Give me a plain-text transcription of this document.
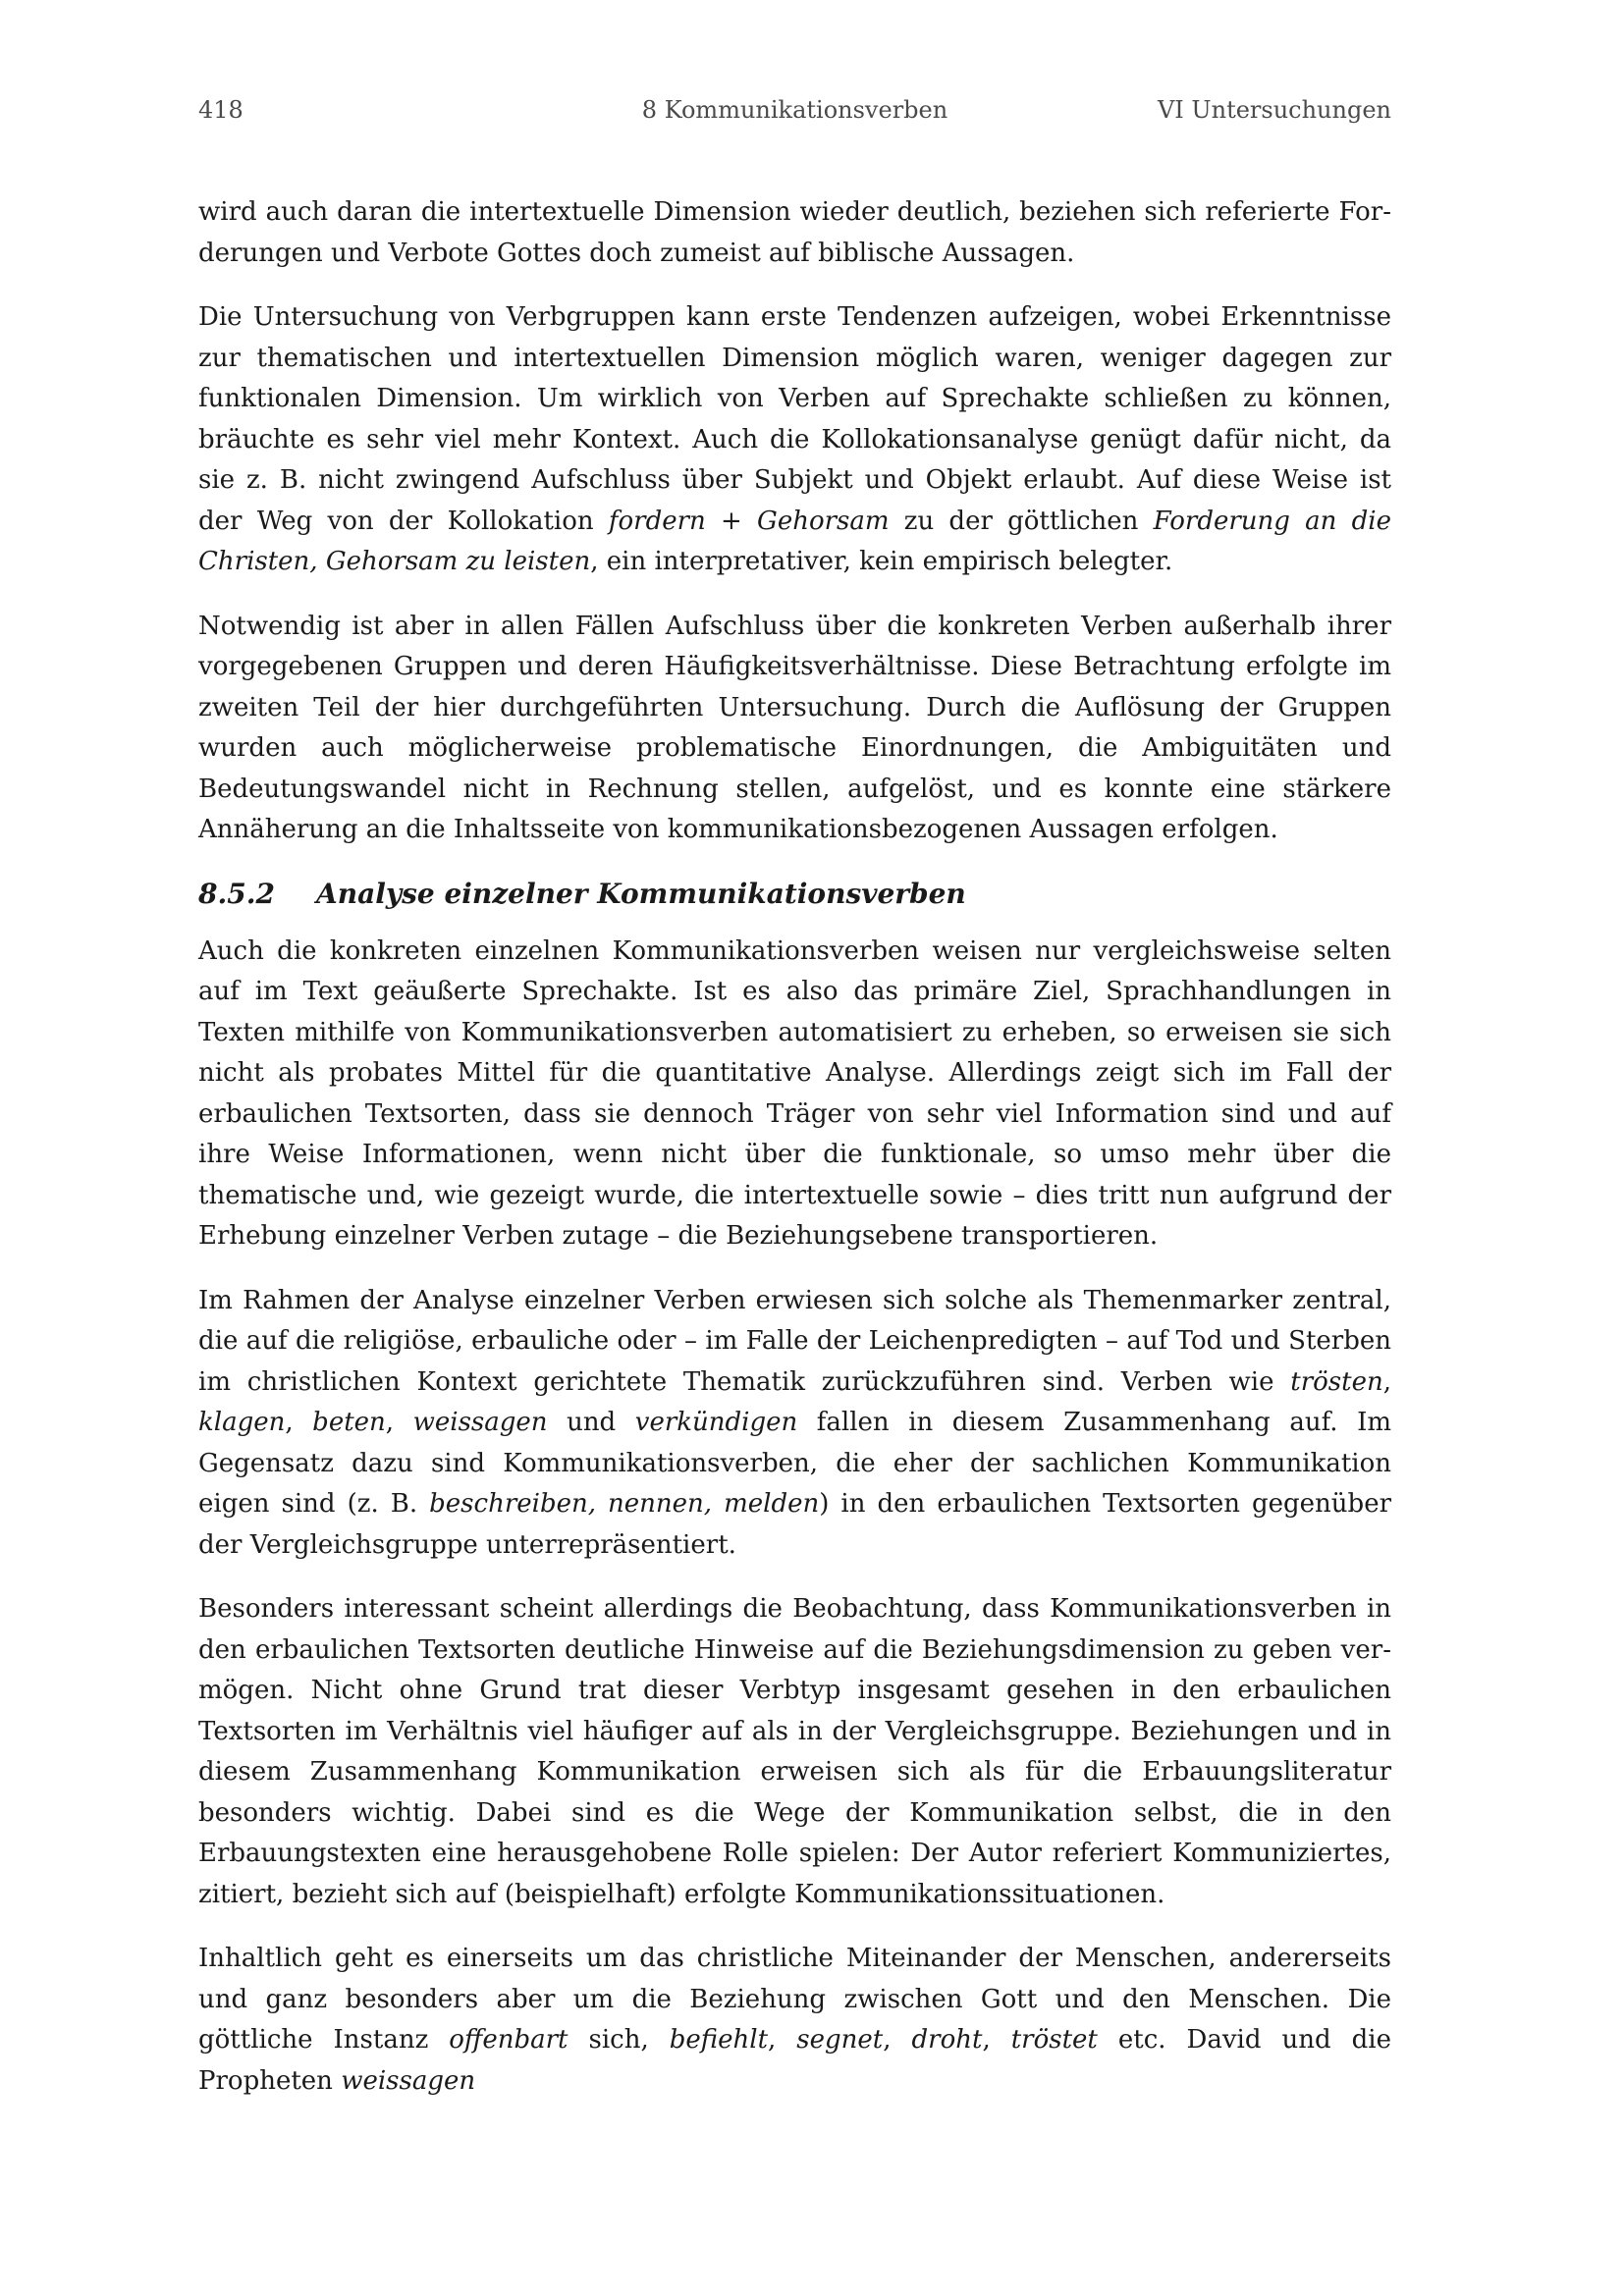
418	8 Kommunikationsverben	VI Untersuchungen

wird auch daran die intertextuelle Dimension wieder deutlich, beziehen sich referierte Forderungen und Verbote Gottes doch zumeist auf biblische Aussagen.

Die Untersuchung von Verbgruppen kann erste Tendenzen aufzeigen, wobei Erkenntnisse zur thematischen und intertextuellen Dimension möglich waren, weniger dagegen zur funktionalen Dimension. Um wirklich von Verben auf Sprechakte schließen zu können, bräuchte es sehr viel mehr Kontext. Auch die Kollokationsanalyse genügt dafür nicht, da sie z. B. nicht zwingend Aufschluss über Subjekt und Objekt erlaubt. Auf diese Weise ist der Weg von der Kollokation fordern + Gehorsam zu der göttlichen Forderung an die Christen, Gehorsam zu leisten, ein interpretativer, kein empirisch belegter.

Notwendig ist aber in allen Fällen Aufschluss über die konkreten Verben außerhalb ihrer vorgegebenen Gruppen und deren Häufigkeitsverhältnisse. Diese Betrachtung erfolgte im zweiten Teil der hier durchgeführten Untersuchung. Durch die Auflösung der Gruppen wurden auch möglicherweise problematische Einordnungen, die Ambiguitäten und Bedeutungswandel nicht in Rechnung stellen, aufgelöst, und es konnte eine stärkere Annäherung an die Inhaltsseite von kommunikationsbezogenen Aussagen erfolgen.

8.5.2	Analyse einzelner Kommunikationsverben

Auch die konkreten einzelnen Kommunikationsverben weisen nur vergleichsweise selten auf im Text geäußerte Sprechakte. Ist es also das primäre Ziel, Sprachhandlungen in Texten mithilfe von Kommunikationsverben automatisiert zu erheben, so erweisen sie sich nicht als probates Mittel für die quantitative Analyse. Allerdings zeigt sich im Fall der erbaulichen Textsorten, dass sie dennoch Träger von sehr viel Information sind und auf ihre Weise Informationen, wenn nicht über die funktionale, so umso mehr über die thematische und, wie gezeigt wurde, die intertextuelle sowie – dies tritt nun aufgrund der Erhebung einzelner Verben zutage – die Beziehungsebene transportieren.

Im Rahmen der Analyse einzelner Verben erwiesen sich solche als Themenmarker zentral, die auf die religiöse, erbauliche oder – im Falle der Leichenpredigten – auf Tod und Sterben im christlichen Kontext gerichtete Thematik zurückzuführen sind. Verben wie trösten, klagen, beten, weissagen und verkündigen fallen in diesem Zusammenhang auf. Im Gegensatz dazu sind Kommunikationsverben, die eher der sachlichen Kommunikation eigen sind (z. B. beschreiben, nennen, melden) in den erbaulichen Textsorten gegenüber der Vergleichsgruppe unterrepräsentiert.

Besonders interessant scheint allerdings die Beobachtung, dass Kommunikationsverben in den erbaulichen Textsorten deutliche Hinweise auf die Beziehungsdimension zu geben vermögen. Nicht ohne Grund trat dieser Verbtyp insgesamt gesehen in den erbaulichen Textsorten im Verhältnis viel häufiger auf als in der Vergleichsgruppe. Beziehungen und in diesem Zusammenhang Kommunikation erweisen sich als für die Erbauungsliteratur besonders wichtig. Dabei sind es die Wege der Kommunikation selbst, die in den Erbauungstexten eine herausgehobene Rolle spielen: Der Autor referiert Kommuniziertes, zitiert, bezieht sich auf (beispielhaft) erfolgte Kommunikationssituationen.

Inhaltlich geht es einerseits um das christliche Miteinander der Menschen, andererseits und ganz besonders aber um die Beziehung zwischen Gott und den Menschen. Die göttliche Instanz offenbart sich, befiehlt, segnet, droht, tröstet etc. David und die Propheten weissagen
